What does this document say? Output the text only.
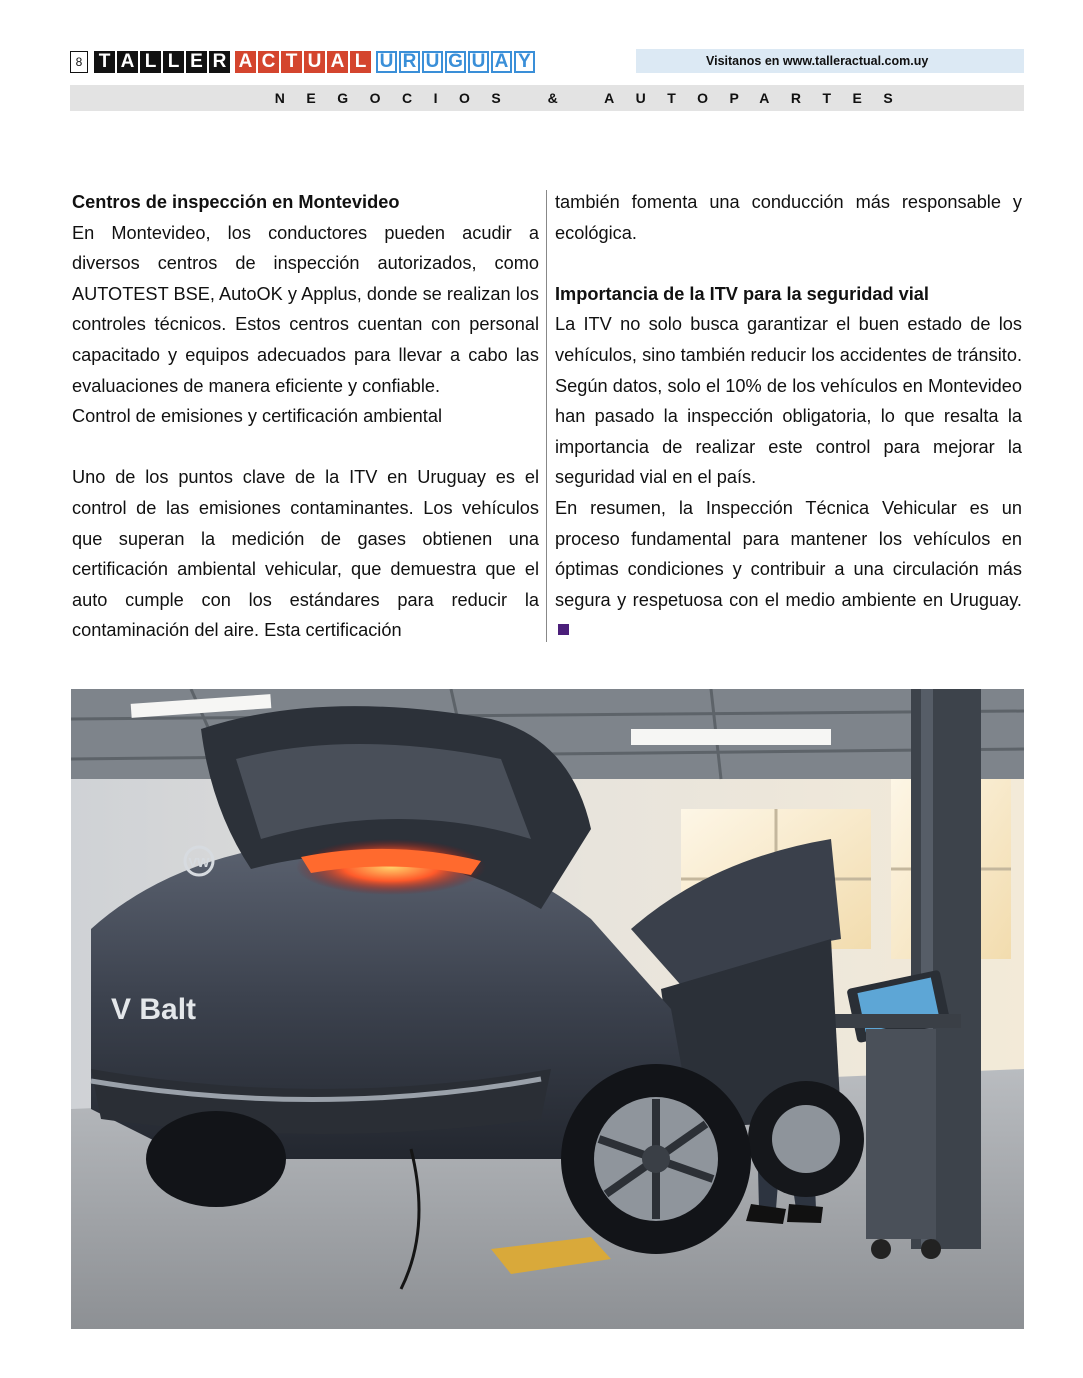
8 T A L L E R A C T U A L U R U G U A Y	Visitanos en www.talleractual.com.uy
NEGOCIOS & AUTOPARTES

Centros de inspección en Montevideo

En Montevideo, los conductores pueden acudir a diversos centros de inspección autorizados, como AUTOTEST BSE, AutoOK y Applus, donde se realizan los controles técnicos. Estos centros cuentan con personal capacitado y equipos adecuados para llevar a cabo las evaluaciones de manera eficiente y confiable.

Control de emisiones y certificación ambiental

Uno de los puntos clave de la ITV en Uruguay es el control de las emisiones contaminantes. Los vehículos que superan la medición de gases obtienen una certificación ambiental vehicular, que demuestra que el auto cumple con los estándares para reducir la contaminación del aire. Esta certificación

también fomenta una conducción más responsable y ecológica.

Importancia de la ITV para la seguridad vial

La ITV no solo busca garantizar el buen estado de los vehículos, sino también reducir los accidentes de tránsito. Según datos, solo el 10% de los vehículos en Montevideo han pasado la inspección obligatoria, lo que resalta la importancia de realizar este control para mejorar la seguridad vial en el país.

En resumen, la Inspección Técnica Vehicular es un proceso fundamental para mantener los vehículos en óptimas condiciones y contribuir a una circulación más segura y respetuosa con el medio ambiente en Uruguay.

VW
V Balt
